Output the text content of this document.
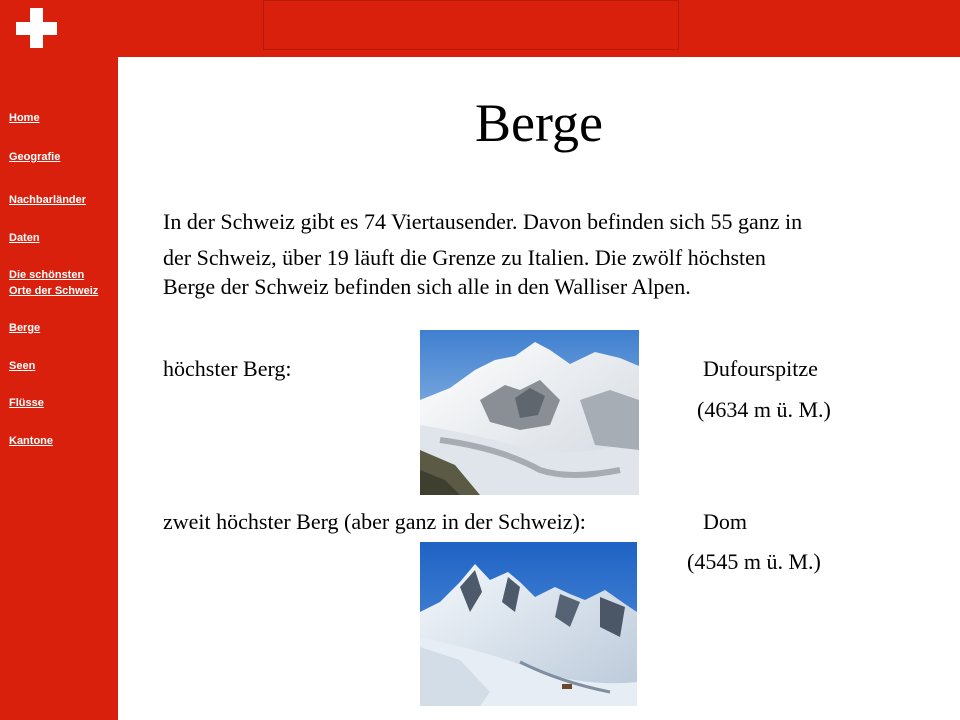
Home
Geografie
Nachbarländer
Daten
Die schönsten
Orte der Schweiz
Berge
Seen
Flüsse
Kantone
Berge
In der Schweiz gibt es 74 Viertausender. Davon befinden sich 55 ganz in
der Schweiz, über 19 läuft die Grenze zu Italien. Die zwölf höchsten
Berge der Schweiz befinden sich alle in den Walliser Alpen.
höchster Berg:	Dufourspitze
(4634 m ü. M.)
zweit höchster Berg (aber ganz in der Schweiz):	Dom
(4545 m ü. M.)
